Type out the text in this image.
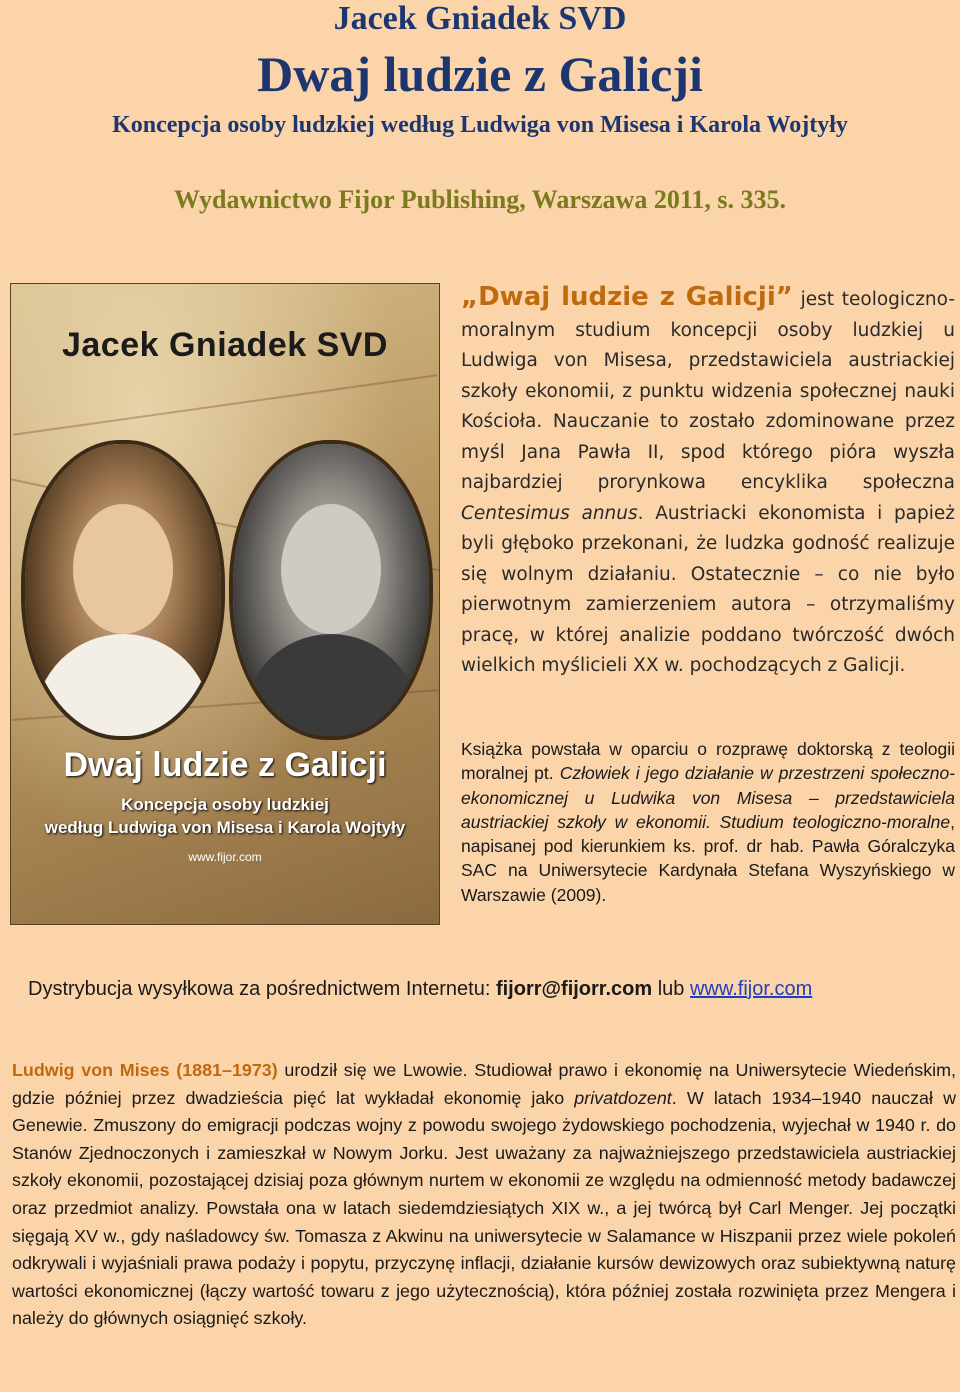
Jacek Gniadek SVD
Dwaj ludzie z Galicji
Koncepcja osoby ludzkiej według Ludwiga von Misesa i Karola Wojtyły
Wydawnictwo Fijor Publishing, Warszawa 2011, s. 335.
Jacek Gniadek SVD
Dwaj ludzie z Galicji
Koncepcja osoby ludzkiej
według Ludwiga von Misesa i Karola Wojtyły
www.fijor.com
„Dwaj ludzie z Galicji” jest teologiczno-moralnym studium koncepcji osoby ludzkiej u Ludwiga von Misesa, przedstawiciela austriackiej szkoły ekonomii, z punktu widzenia społecznej nauki Kościoła. Nauczanie to zostało zdominowane przez myśl Jana Pawła II, spod którego pióra wyszła najbardziej prorynkowa encyklika społeczna Centesimus annus. Austriacki ekonomista i papież byli głęboko przekonani, że ludzka godność realizuje się wolnym działaniu. Ostatecznie – co nie było pierwotnym zamierzeniem autora – otrzymaliśmy pracę, w której analizie poddano twórczość dwóch wielkich myślicieli XX w. pochodzących z Galicji.
Książka powstała w oparciu o rozprawę doktorską z teologii moralnej pt. Człowiek i jego działanie w przestrzeni społeczno-ekonomicznej u Ludwika von Misesa – przedstawiciela austriackiej szkoły w ekonomii. Studium teologiczno-moralne, napisanej pod kierunkiem ks. prof. dr hab. Pawła Góralczyka SAC na Uniwersytecie Kardynała Stefana Wyszyńskiego w Warszawie (2009).
Dystrybucja wysyłkowa za pośrednictwem Internetu: fijorr@fijorr.com lub www.fijor.com
Ludwig von Mises (1881–1973) urodził się we Lwowie. Studiował prawo i ekonomię na Uniwersytecie Wiedeńskim, gdzie później przez dwadzieścia pięć lat wykładał ekonomię jako privatdozent. W latach 1934–1940 nauczał w Genewie. Zmuszony do emigracji podczas wojny z powodu swojego żydowskiego pochodzenia, wyjechał w 1940 r. do Stanów Zjednoczonych i zamieszkał w Nowym Jorku. Jest uważany za najważniejszego przedstawiciela austriackiej szkoły ekonomii, pozostającej dzisiaj poza głównym nurtem w ekonomii ze względu na odmienność metody badawczej oraz przedmiot analizy. Powstała ona w latach siedemdziesiątych XIX w., a jej twórcą był Carl Menger. Jej początki sięgają XV w., gdy naśladowcy św. Tomasza z Akwinu na uniwersytecie w Salamance w Hiszpanii przez wiele pokoleń odkrywali i wyjaśniali prawa podaży i popytu, przyczynę inflacji, działanie kursów dewizowych oraz subiektywną naturę wartości ekonomicznej (łączy wartość towaru z jego użytecznością), która później została rozwinięta przez Mengera i należy do głównych osiągnięć szkoły.
